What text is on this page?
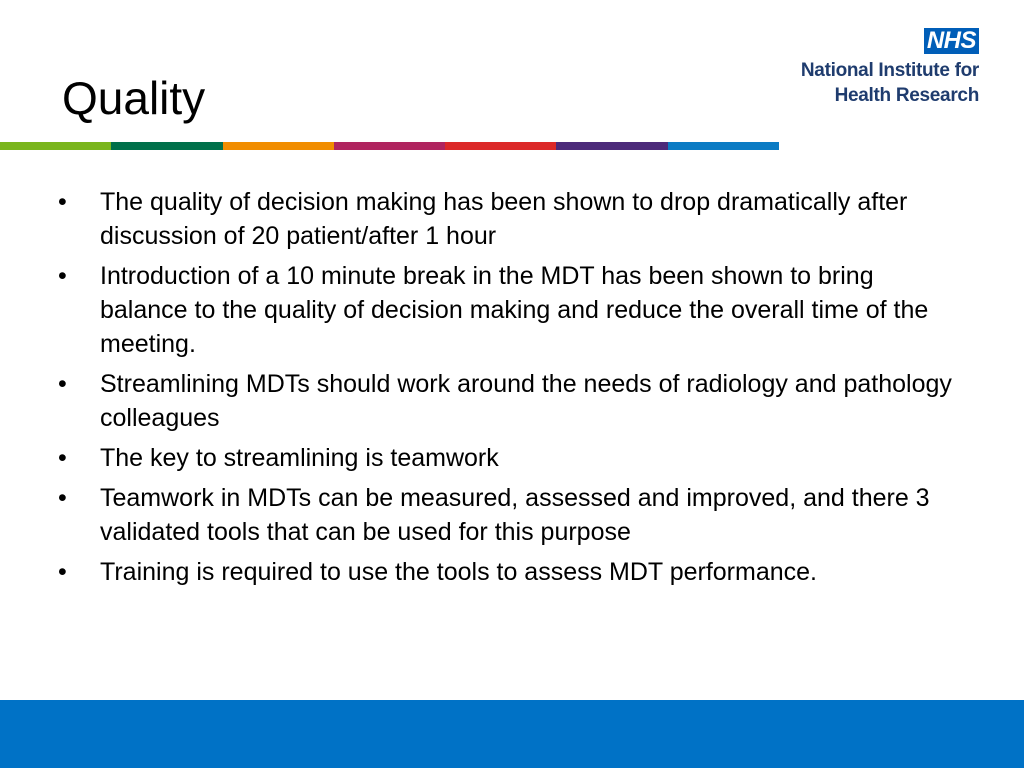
Quality
NHS
National Institute for
Health Research
•	The quality of decision making has been shown to drop dramatically after discussion of 20 patient/after 1 hour
•	Introduction of a 10 minute break in the MDT has been shown to bring balance to the quality of decision making and reduce the overall time of the meeting.
•	Streamlining MDTs should work around the needs of radiology and pathology colleagues
•	The key to streamlining is teamwork
•	Teamwork in MDTs can be measured, assessed and improved, and there 3 validated tools that can be used for this purpose
•	Training is required to use the tools to assess MDT performance.
